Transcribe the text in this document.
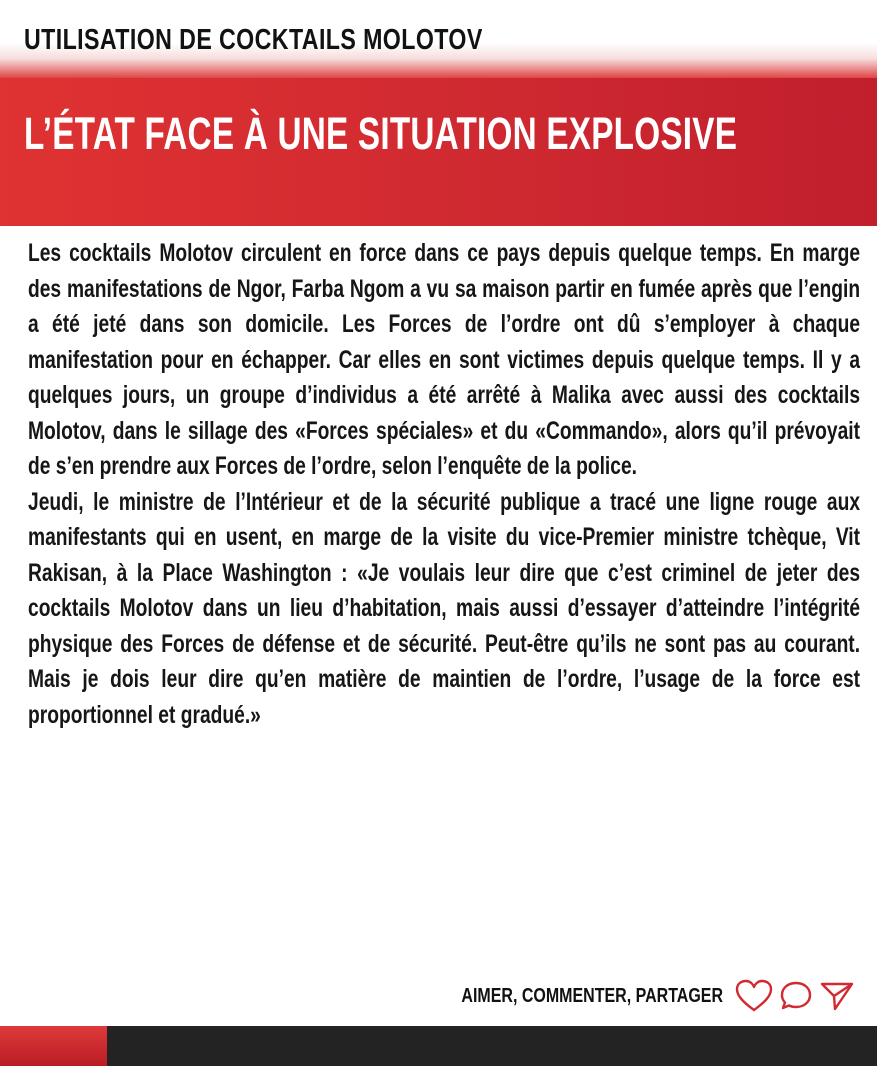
UTILISATION DE COCKTAILS MOLOTOV
L’ÉTAT FACE À UNE SITUATION EXPLOSIVE

Les cocktails Molotov circulent en force dans ce pays depuis quelque temps. En marge des manifestations de Ngor, Farba Ngom a vu sa maison partir en fumée après que l’engin a été jeté dans son domicile. Les Forces de l’ordre ont dû s’employer à chaque manifestation pour en échapper. Car elles en sont victimes depuis quelque temps. Il y a quelques jours, un groupe d’individus a été arrêté à Malika avec aussi des cocktails Molotov, dans le sillage des «Forces spéciales» et du «Commando», alors qu’il prévoyait de s’en prendre aux Forces de l’ordre, selon l’enquête de la police.

Jeudi, le ministre de l’Intérieur et de la sécurité publique a tracé une ligne rouge aux manifestants qui en usent, en marge de la visite du vice-Premier ministre tchèque, Vit Rakisan, à la Place Washington : «Je voulais leur dire que c’est criminel de jeter des cocktails Molotov dans un lieu d’habitation, mais aussi d’essayer d’atteindre l’intégrité physique des Forces de défense et de sécurité. Peut-être qu’ils ne sont pas au courant. Mais je dois leur dire qu’en matière de maintien de l’ordre, l’usage de la force est proportionnel et gradué.»

AIMER, COMMENTER, PARTAGER
